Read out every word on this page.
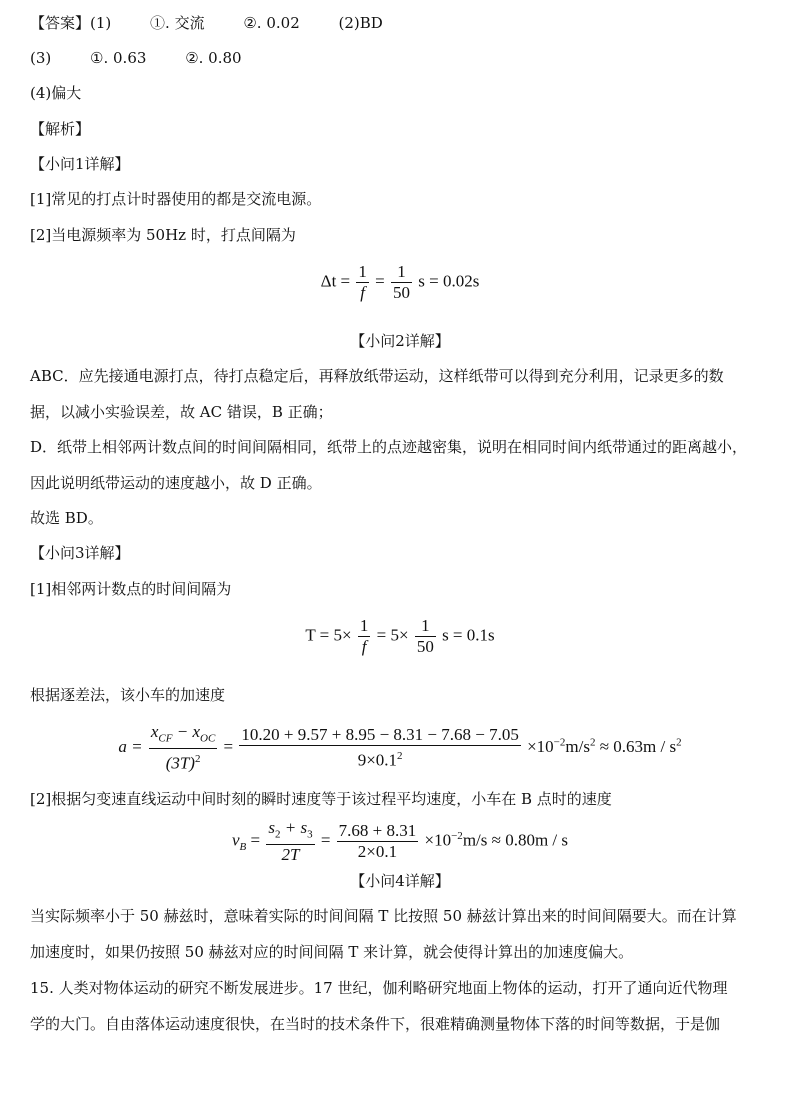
【答案】(1)	①. 交流	②. 0.02	(2)BD
(3)	①. 0.63	②. 0.80
(4)偏大
【解析】
【小问1详解】
[1]常见的打点计时器使用的都是交流电源。
[2]当电源频率为 50Hz 时，打点间隔为
$\Delta t = \frac{1}{f} = \frac{1}{50}$ s = 0.02s
【小问2详解】
ABC．应先接通电源打点，待打点稳定后，再释放纸带运动，这样纸带可以得到充分利用，记录更多的数
据，以减小实验误差，故 AC 错误，B 正确；
D．纸带上相邻两计数点间的时间间隔相同，纸带上的点迹越密集，说明在相同时间内纸带通过的距离越小，
因此说明纸带运动的速度越小，故 D 正确。
故选 BD。
【小问3详解】
[1]相邻两计数点的时间间隔为
$T = 5\times \frac{1}{f} = 5\times \frac{1}{50}$ s = 0.1s
根据逐差法，该小车的加速度
$a = \frac{x_{CF} - x_{OC}}{(3T)^2} = \frac{10.20 + 9.57 + 8.95 - 8.31 - 7.68 - 7.05}{9\times 0.1^2} \times 10^{-2}m/s^2 \approx 0.63m / s^2$
[2]根据匀变速直线运动中间时刻的瞬时速度等于该过程平均速度，小车在 B 点时的速度
$v_B = \frac{s_2 + s_3}{2T} = \frac{7.68 + 8.31}{2\times 0.1} \times 10^{-2}m/s \approx 0.80m / s$
【小问4详解】
当实际频率小于 50 赫兹时，意味着实际的时间间隔 T 比按照 50 赫兹计算出来的时间间隔要大。而在计算
加速度时，如果仍按照 50 赫兹对应的时间间隔 T 来计算，就会使得计算出的加速度偏大。
15. 人类对物体运动的研究不断发展进步。17 世纪，伽利略研究地面上物体的运动，打开了通向近代物理
学的大门。自由落体运动速度很快，在当时的技术条件下，很难精确测量物体下落的时间等数据，于是伽
